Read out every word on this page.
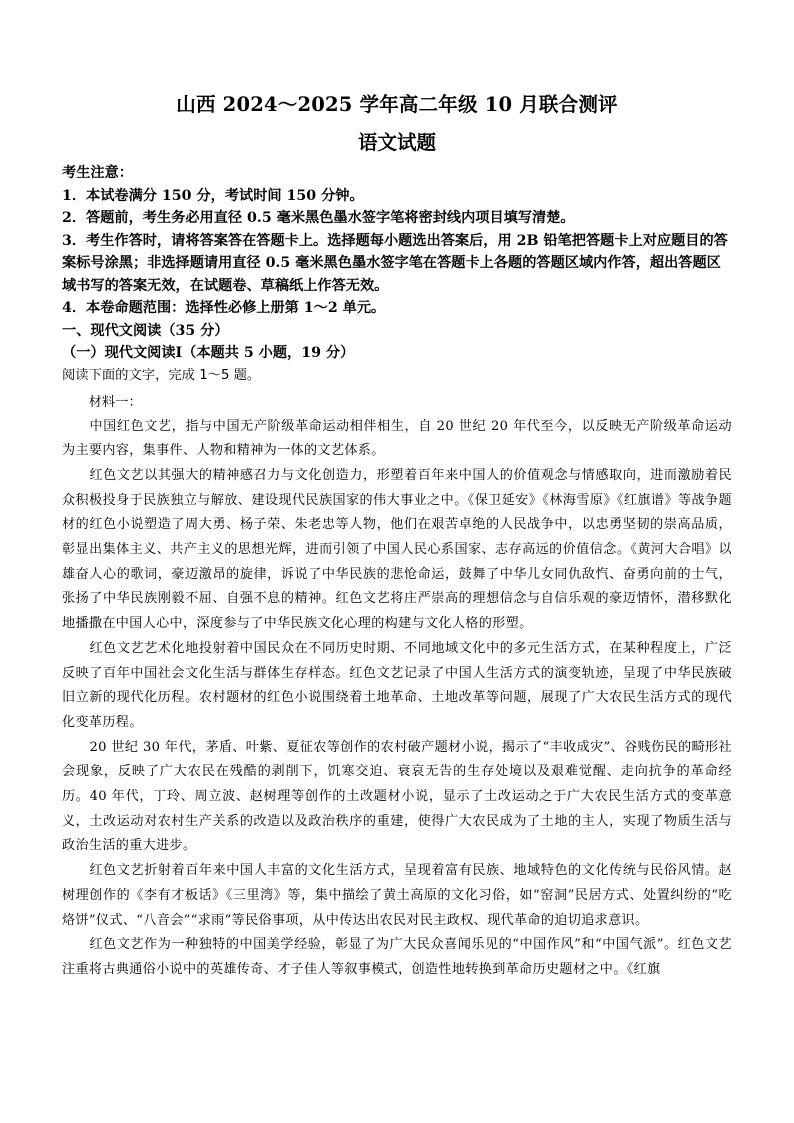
山西 2024～2025 学年高二年级 10 月联合测评
语文试题

考生注意：

1．本试卷满分 150 分，考试时间 150 分钟。

2．答题前，考生务必用直径 0.5 毫米黑色墨水签字笔将密封线内项目填写清楚。

3．考生作答时，请将答案答在答题卡上。选择题每小题选出答案后，用 2B 铅笔把答题卡上对应题目的答案标号涂黑；非选择题请用直径 0.5 毫米黑色墨水签字笔在答题卡上各题的答题区域内作答，超出答题区域书写的答案无效，在试题卷、草稿纸上作答无效。

4．本卷命题范围：选择性必修上册第 1～2 单元。

一、现代文阅读（35 分）

（一）现代文阅读Ⅰ（本题共 5 小题，19 分）

阅读下面的文字，完成 1～5 题。

材料一：

中国红色文艺，指与中国无产阶级革命运动相伴相生，自 20 世纪 20 年代至今，以反映无产阶级革命运动为主要内容，集事件、人物和精神为一体的文艺体系。

红色文艺以其强大的精神感召力与文化创造力，形塑着百年来中国人的价值观念与情感取向，进而激励着民众积极投身于民族独立与解放、建设现代民族国家的伟大事业之中。《保卫延安》《林海雪原》《红旗谱》等战争题材的红色小说塑造了周大勇、杨子荣、朱老忠等人物，他们在艰苦卓绝的人民战争中，以忠勇坚韧的崇高品质，彰显出集体主义、共产主义的思想光辉，进而引领了中国人民心系国家、志存高远的价值信念。《黄河大合唱》以雄奋人心的歌词，豪迈激昂的旋律，诉说了中华民族的悲怆命运，鼓舞了中华儿女同仇敌忾、奋勇向前的士气，张扬了中华民族刚毅不屈、自强不息的精神。红色文艺将庄严崇高的理想信念与自信乐观的豪迈情怀，潜移默化地播撒在中国人心中，深度参与了中华民族文化心理的构建与文化人格的形塑。

红色文艺艺术化地投射着中国民众在不同历史时期、不同地域文化中的多元生活方式，在某种程度上，广泛反映了百年中国社会文化生活与群体生存样态。红色文艺记录了中国人生活方式的演变轨迹，呈现了中华民族破旧立新的现代化历程。农村题材的红色小说围绕着土地革命、土地改革等问题，展现了广大农民生活方式的现代化变革历程。

20 世纪 30 年代，茅盾、叶紫、夏征农等创作的农村破产题材小说，揭示了“丰收成灾”、谷贱伤民的畸形社会现象，反映了广大农民在残酷的剥削下，饥寒交迫、衰哀无告的生存处境以及艰难觉醒、走向抗争的革命经历。40 年代，丁玲、周立波、赵树理等创作的土改题材小说，显示了土改运动之于广大农民生活方式的变革意义，土改运动对农村生产关系的改造以及政治秩序的重建，使得广大农民成为了土地的主人，实现了物质生活与政治生活的重大进步。

红色文艺折射着百年来中国人丰富的文化生活方式，呈现着富有民族、地域特色的文化传统与民俗风情。赵树理创作的《李有才板话》《三里湾》等，集中描绘了黄土高原的文化习俗，如“窑洞”民居方式、处置纠纷的“吃烙饼”仪式、“八音会”“求雨”等民俗事项，从中传达出农民对民主政权、现代革命的迫切追求意识。

红色文艺作为一种独特的中国美学经验，彰显了为广大民众喜闻乐见的“中国作风”和“中国气派”。红色文艺注重将古典通俗小说中的英雄传奇、才子佳人等叙事模式，创造性地转换到革命历史题材之中。《红旗
